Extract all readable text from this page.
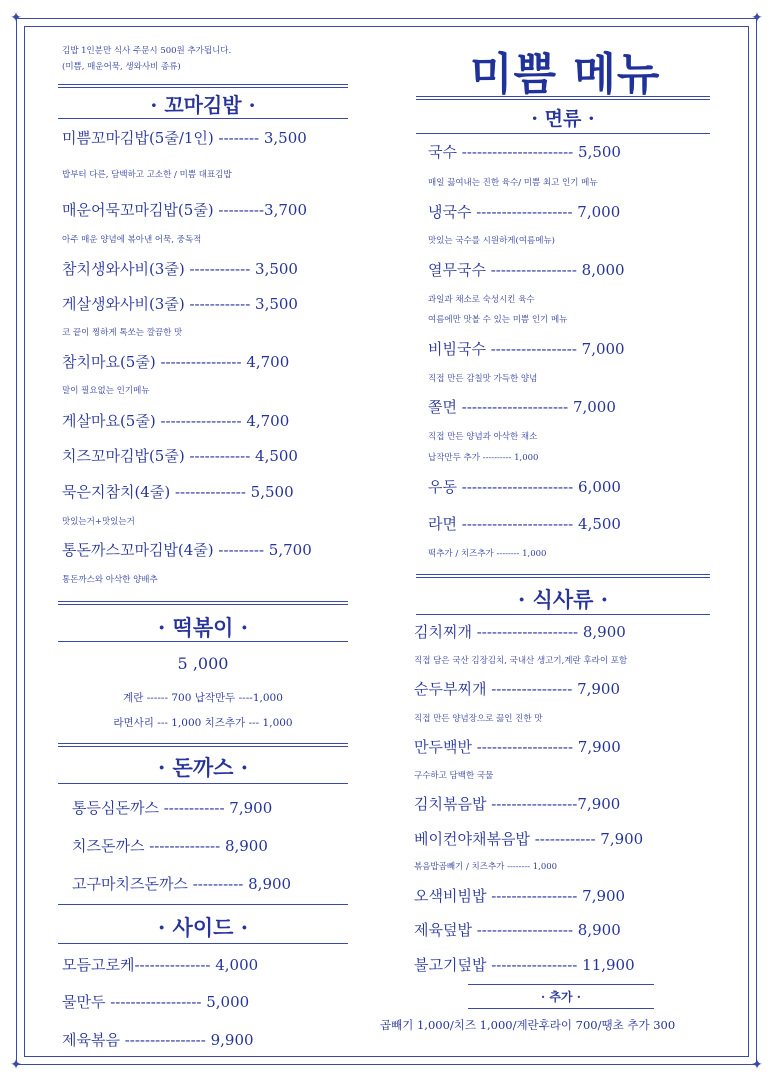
✦	✦
✦	✦
김밥 1인분만 식사 주문시 500원 추가됩니다.
(미쁨, 매운어묵, 생와사비 종류)	미쁨 메뉴
· 꼬마김밥 ·
미쁨꼬마김밥(5줄/1인) -------- 3,500
밥부터 다른, 담백하고 고소한 / 미쁨 대표김밥
매운어묵꼬마김밥(5줄) ---------3,700
아주 매운 양념에 볶아낸 어묵, 중독적
참치생와사비(3줄) ------------ 3,500
게살생와사비(3줄) ------------ 3,500
코 끝이 찡하게 톡쏘는 깔끔한 맛
참치마요(5줄) ---------------- 4,700
말이 필요없는 인기메뉴
게살마요(5줄) ---------------- 4,700
치즈꼬마김밥(5줄) ------------ 4,500
묵은지참치(4줄) -------------- 5,500
맛있는거+맛있는거
통돈까스꼬마김밥(4줄) --------- 5,700
통돈까스와 아삭한 양배추
· 떡볶이 ·
5 ,000
계란 ------ 700 납작만두 ----1,000
라면사리 --- 1,000 치즈추가 --- 1,000
· 돈까스 ·
통등심돈까스 ------------ 7,900
치즈돈까스 -------------- 8,900
고구마치즈돈까스 ---------- 8,900
· 사이드 ·
모듬고로케--------------- 4,000
물만두 ------------------ 5,000
제육볶음 ---------------- 9,900
· 면류 ·
국수 ---------------------- 5,500
매일 끓여내는 진한 육수/ 미쁨 최고 인기 메뉴
냉국수 ------------------- 7,000
맛있는 국수를 시원하게(여름메뉴)
열무국수 ----------------- 8,000
과일과 채소로 숙성시킨 육수
여름에만 맛볼 수 있는 미쁨 인기 메뉴
비빔국수 ----------------- 7,000
직접 만든 감칠맛 가득한 양념
쫄면 --------------------- 7,000
직접 만든 양념과 아삭한 채소
납작만두 추가 ---------- 1,000
우동 ---------------------- 6,000
라면 ---------------------- 4,500
떡추가 / 치즈추가 -------- 1,000
· 식사류 ·
김치찌개 -------------------- 8,900
직접 담은 국산 김장김치, 국내산 생고기,계란 후라이 포함
순두부찌개 ---------------- 7,900
직접 만든 양념장으로 끓인 진한 맛
만두백반 ------------------- 7,900
구수하고 담백한 국물
김치볶음밥 -----------------7,900
베이컨야채볶음밥 ------------ 7,900
볶음밥곱빼기 / 치즈추가 -------- 1,000
오색비빔밥 ----------------- 7,900
제육덮밥 ------------------- 8,900
불고기덮밥 ----------------- 11,900
· 추가 ·
곱빼기 1,000/치즈 1,000/계란후라이 700/땡초 추가 300
